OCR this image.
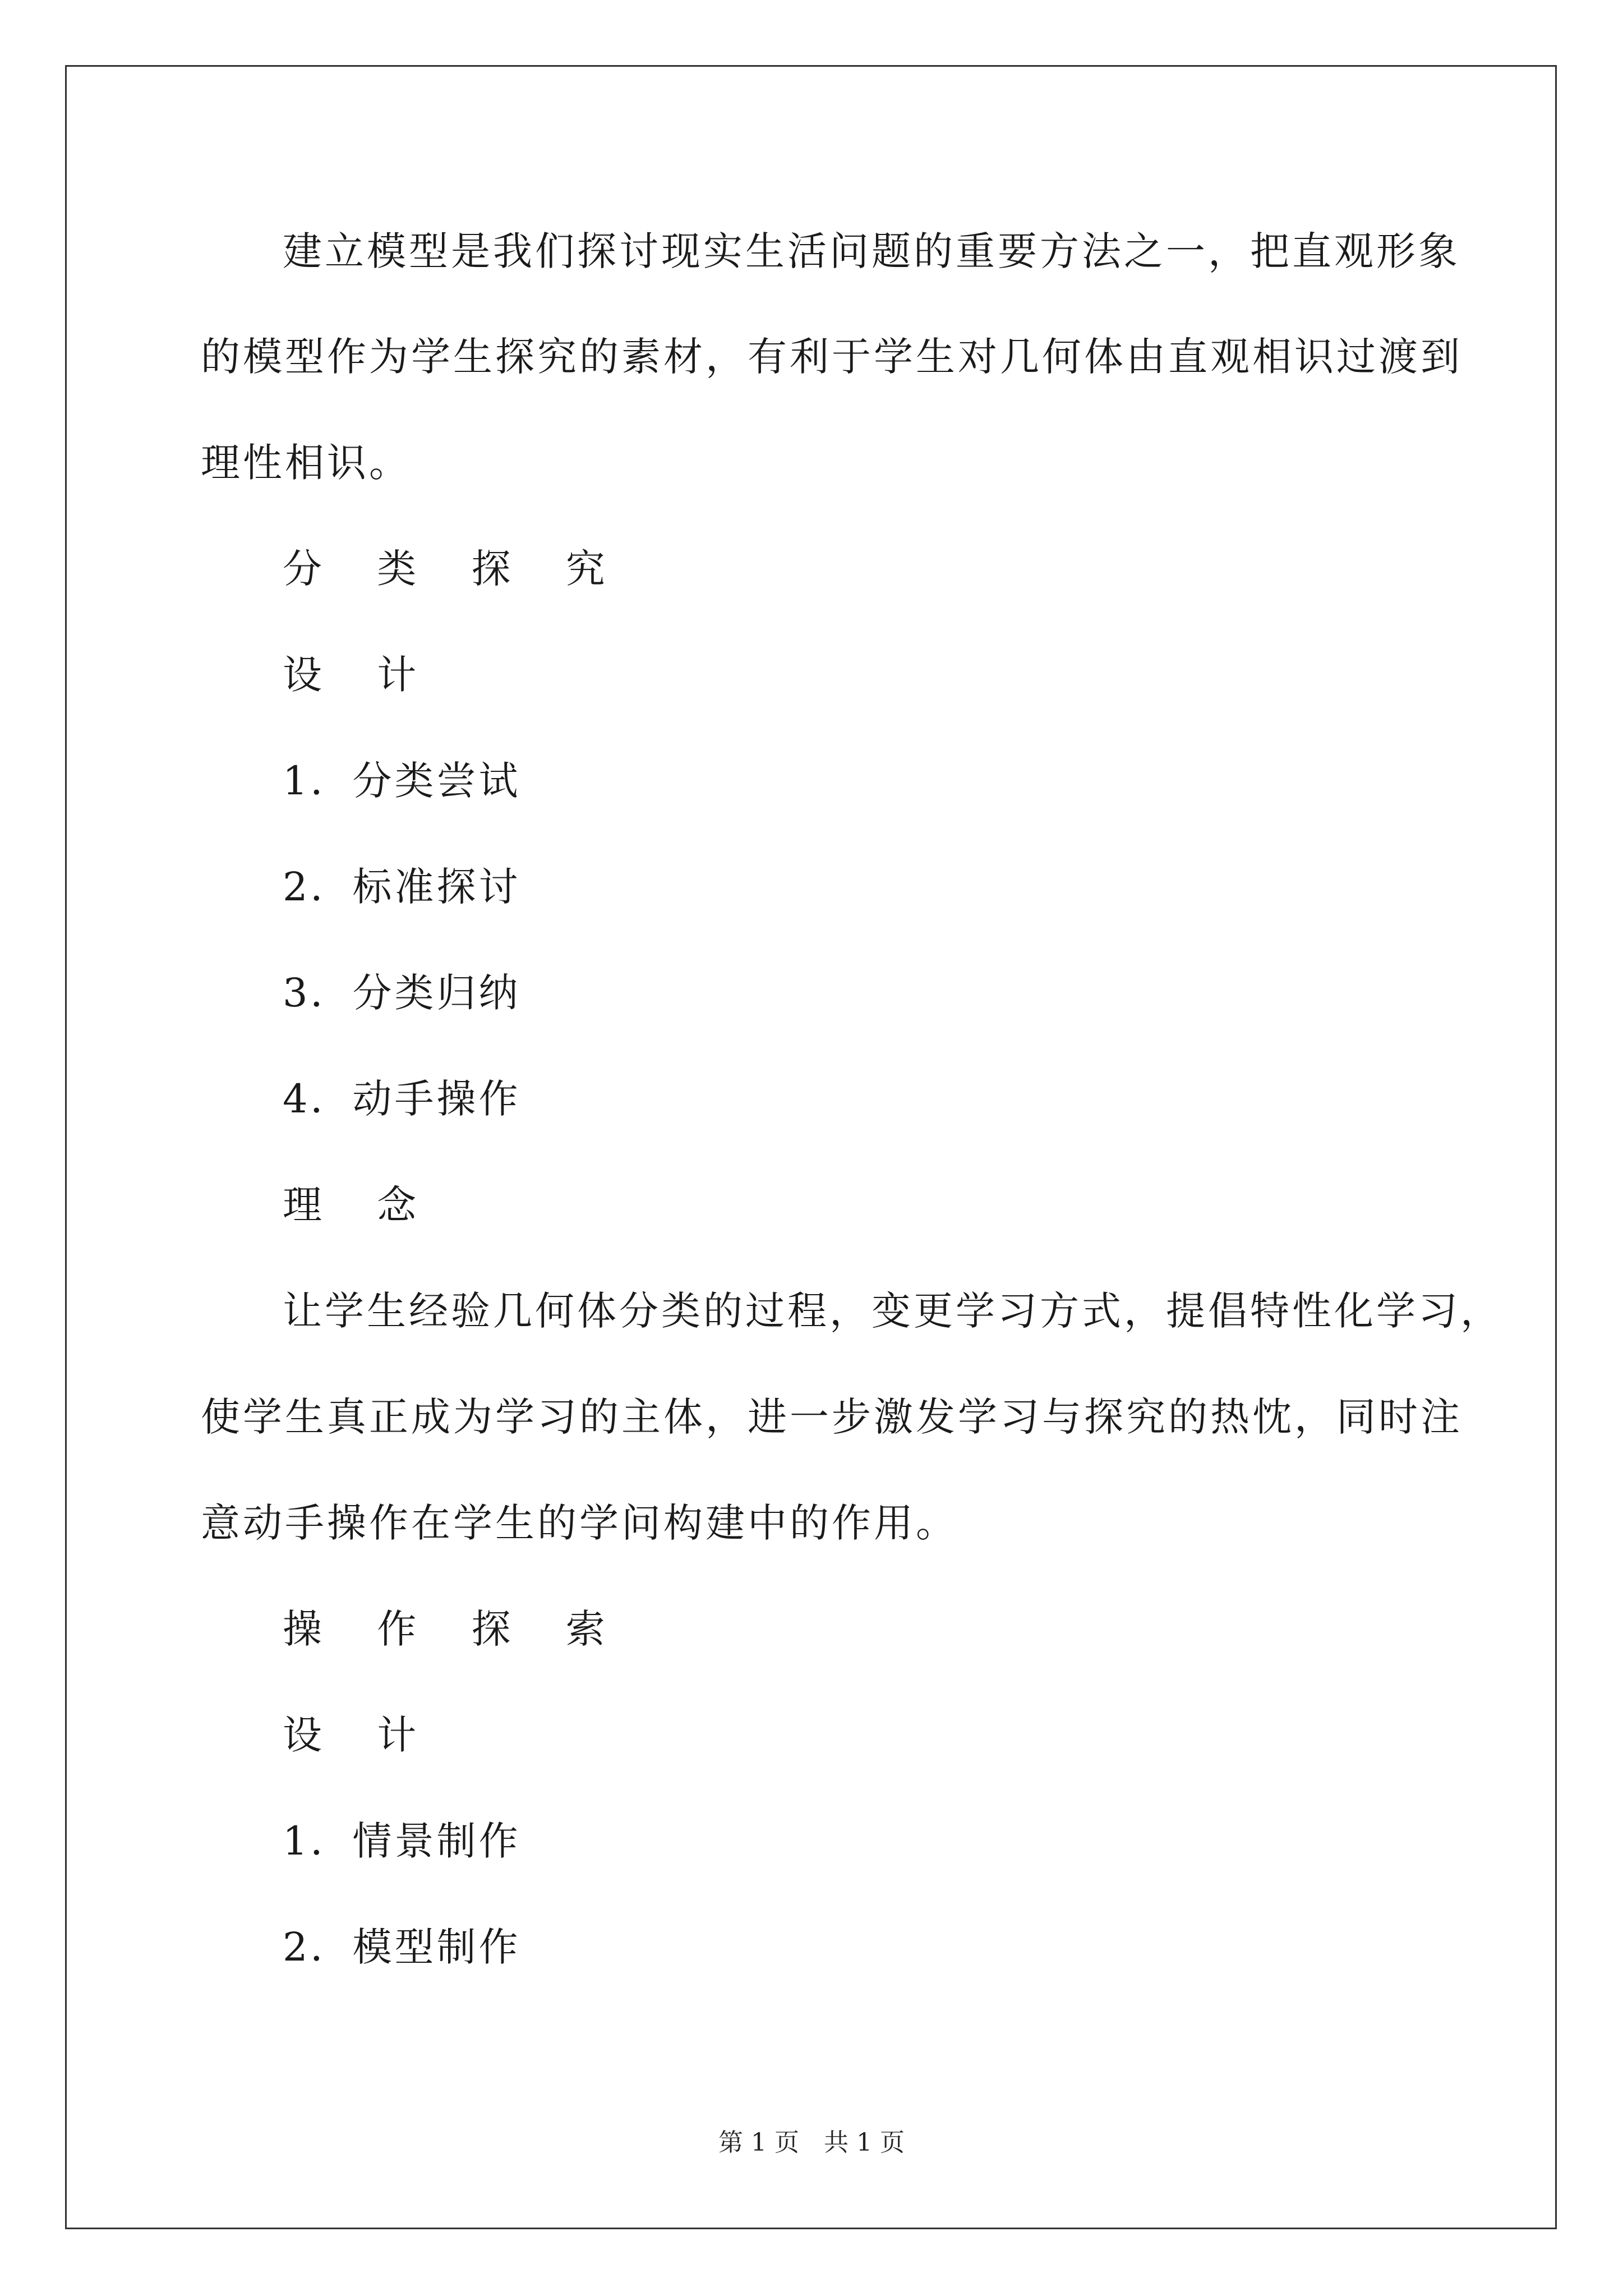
建立模型是我们探讨现实生活问题的重要方法之一，把直观形象

的模型作为学生探究的素材，有利于学生对几何体由直观相识过渡到

理性相识。

分 类 探 究

设 计

1．分类尝试

2．标准探讨

3．分类归纳

4．动手操作

理 念

让学生经验几何体分类的过程，变更学习方式，提倡特性化学习，

使学生真正成为学习的主体，进一步激发学习与探究的热忱，同时注

意动手操作在学生的学问构建中的作用。

操 作 探 索

设 计

1．情景制作

2．模型制作

第 1 页　共 1 页
